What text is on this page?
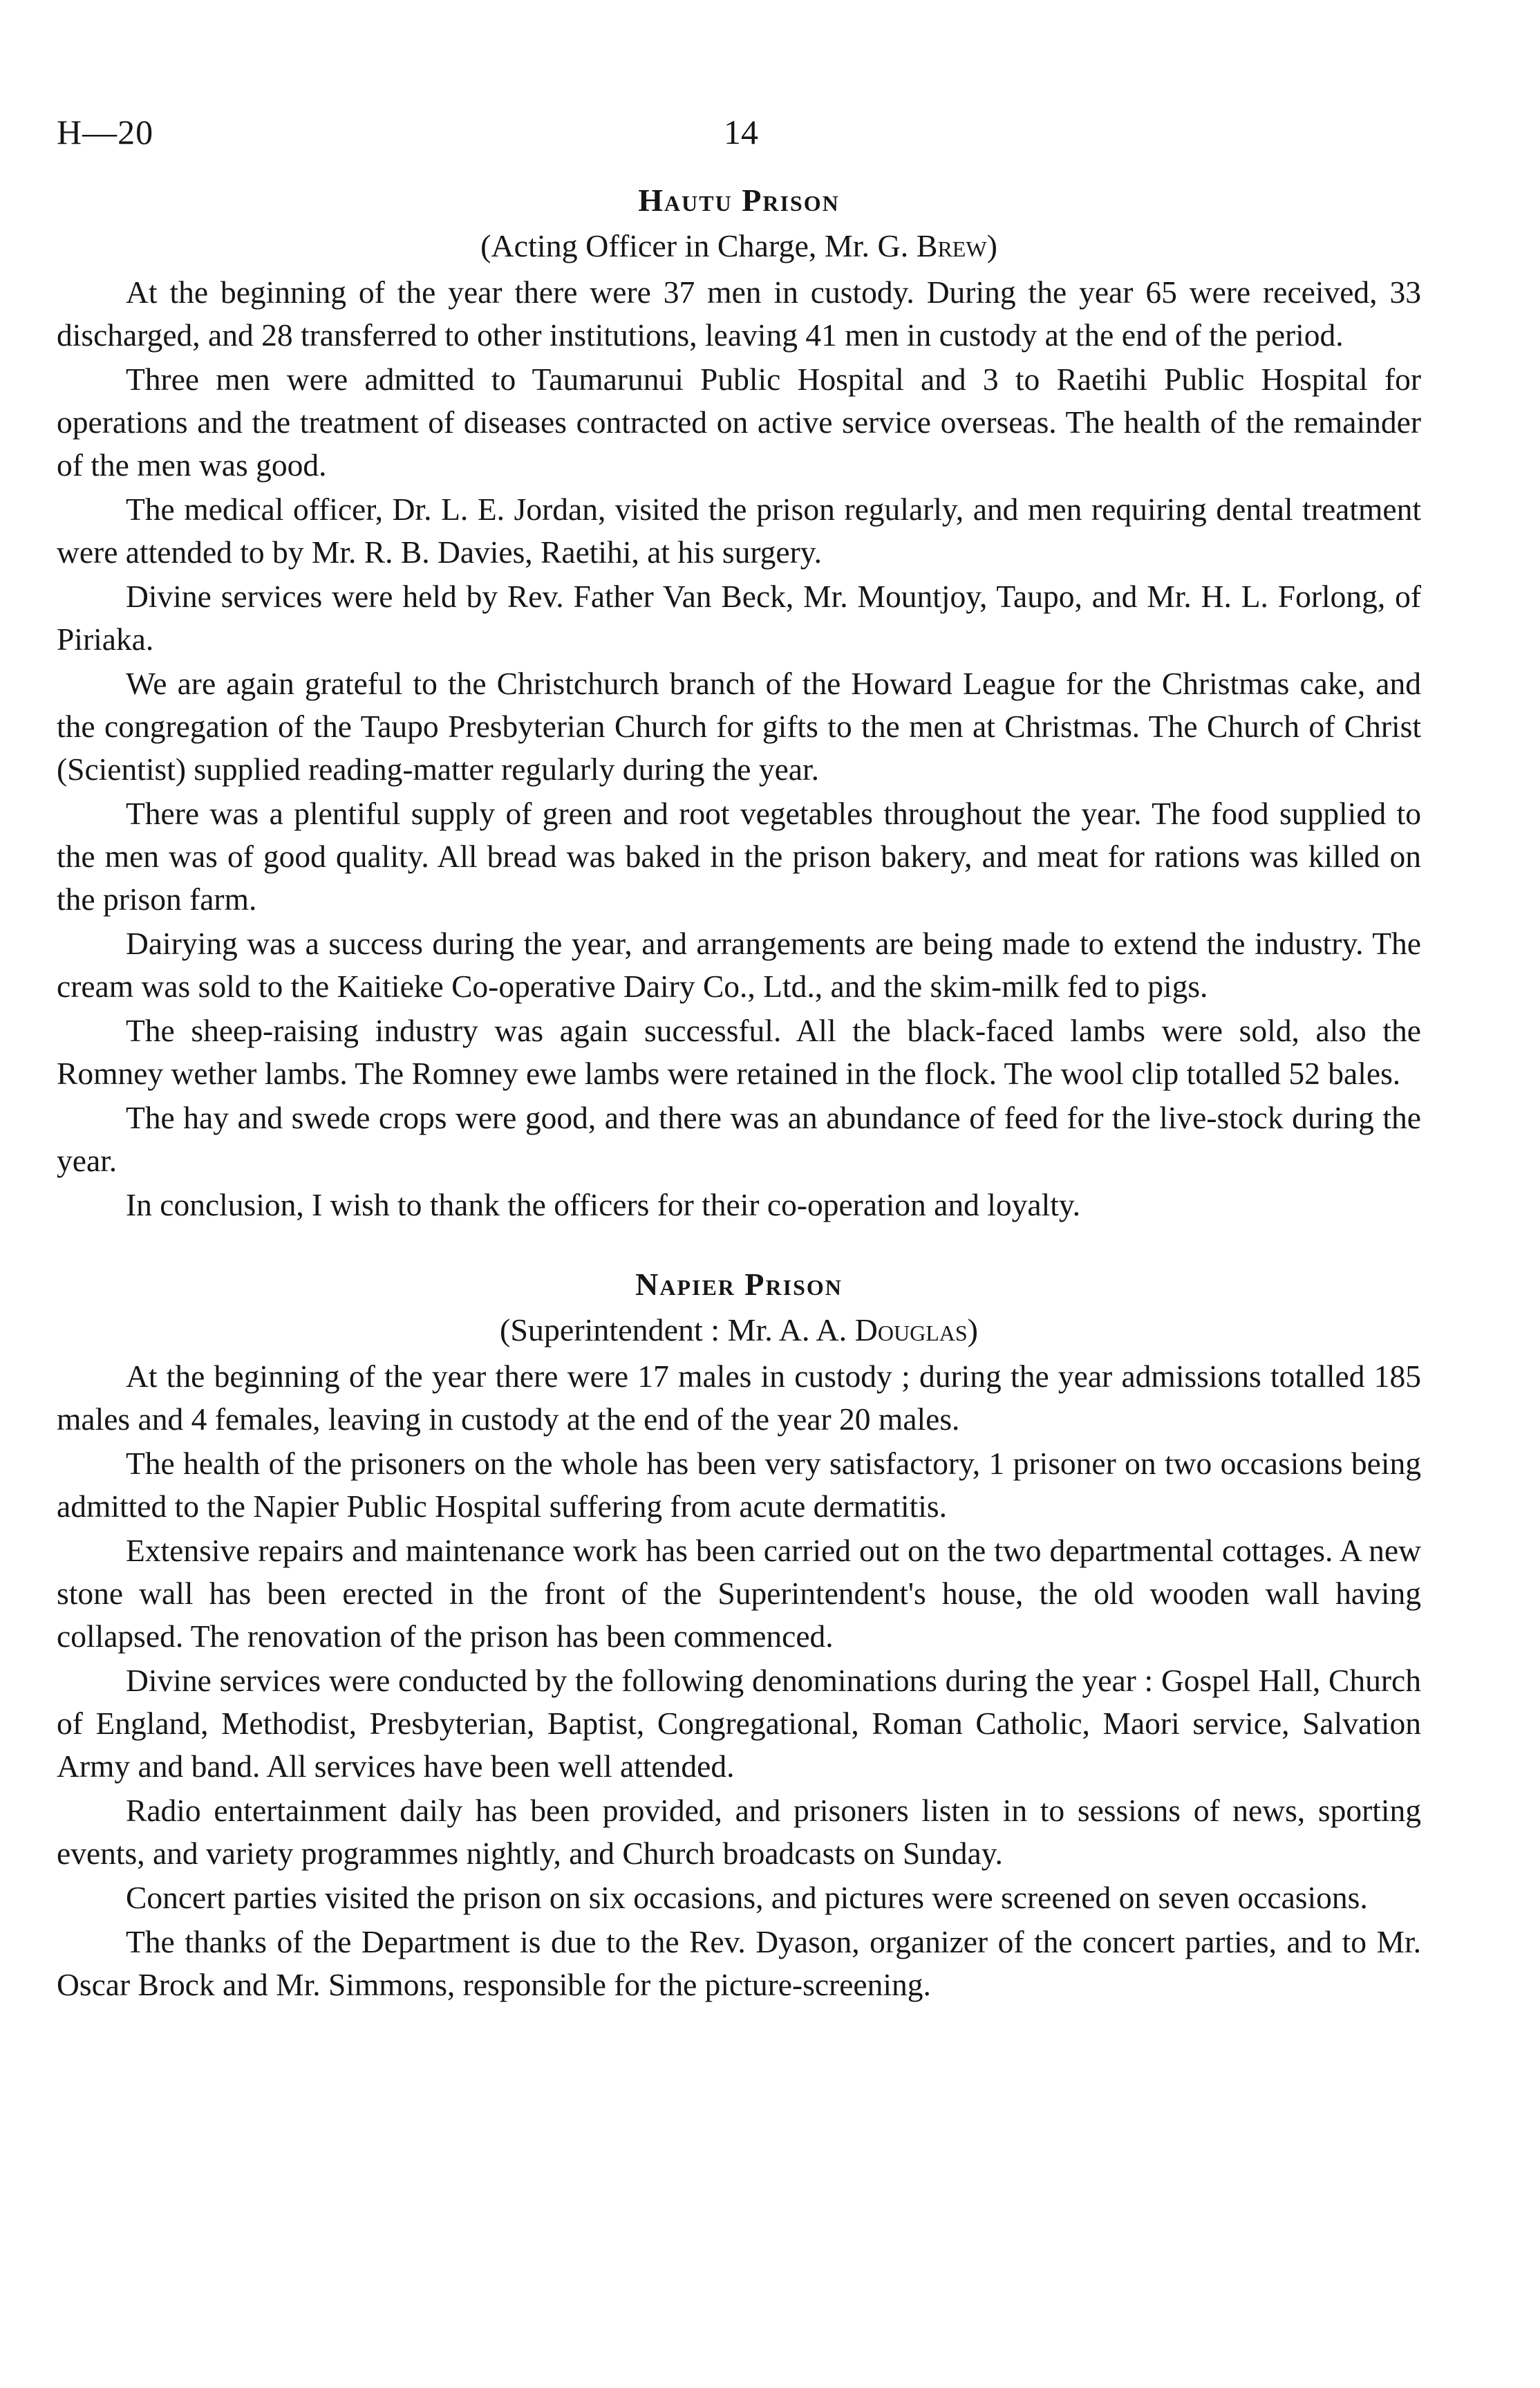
H—20	14
Hautu Prison
(Acting Officer in Charge, Mr. G. Brew)

At the beginning of the year there were 37 men in custody. During the year 65 were received, 33 discharged, and 28 transferred to other institutions, leaving 41 men in custody at the end of the period.

Three men were admitted to Taumarunui Public Hospital and 3 to Raetihi Public Hospital for operations and the treatment of diseases contracted on active service overseas. The health of the remainder of the men was good.

The medical officer, Dr. L. E. Jordan, visited the prison regularly, and men requiring dental treatment were attended to by Mr. R. B. Davies, Raetihi, at his surgery.

Divine services were held by Rev. Father Van Beck, Mr. Mountjoy, Taupo, and Mr. H. L. Forlong, of Piriaka.

We are again grateful to the Christchurch branch of the Howard League for the Christmas cake, and the congregation of the Taupo Presbyterian Church for gifts to the men at Christmas. The Church of Christ (Scientist) supplied reading-matter regularly during the year.

There was a plentiful supply of green and root vegetables throughout the year. The food supplied to the men was of good quality. All bread was baked in the prison bakery, and meat for rations was killed on the prison farm.

Dairying was a success during the year, and arrangements are being made to extend the industry. The cream was sold to the Kaitieke Co-operative Dairy Co., Ltd., and the skim-milk fed to pigs.

The sheep-raising industry was again successful. All the black-faced lambs were sold, also the Romney wether lambs. The Romney ewe lambs were retained in the flock. The wool clip totalled 52 bales.

The hay and swede crops were good, and there was an abundance of feed for the live-stock during the year.

In conclusion, I wish to thank the officers for their co-operation and loyalty.

Napier Prison
(Superintendent : Mr. A. A. Douglas)

At the beginning of the year there were 17 males in custody ; during the year admissions totalled 185 males and 4 females, leaving in custody at the end of the year 20 males.

The health of the prisoners on the whole has been very satisfactory, 1 prisoner on two occasions being admitted to the Napier Public Hospital suffering from acute dermatitis.

Extensive repairs and maintenance work has been carried out on the two departmental cottages. A new stone wall has been erected in the front of the Superintendent's house, the old wooden wall having collapsed. The renovation of the prison has been commenced.

Divine services were conducted by the following denominations during the year : Gospel Hall, Church of England, Methodist, Presbyterian, Baptist, Congregational, Roman Catholic, Maori service, Salvation Army and band. All services have been well attended.

Radio entertainment daily has been provided, and prisoners listen in to sessions of news, sporting events, and variety programmes nightly, and Church broadcasts on Sunday.

Concert parties visited the prison on six occasions, and pictures were screened on seven occasions.

The thanks of the Department is due to the Rev. Dyason, organizer of the concert parties, and to Mr. Oscar Brock and Mr. Simmons, responsible for the picture-screening.
